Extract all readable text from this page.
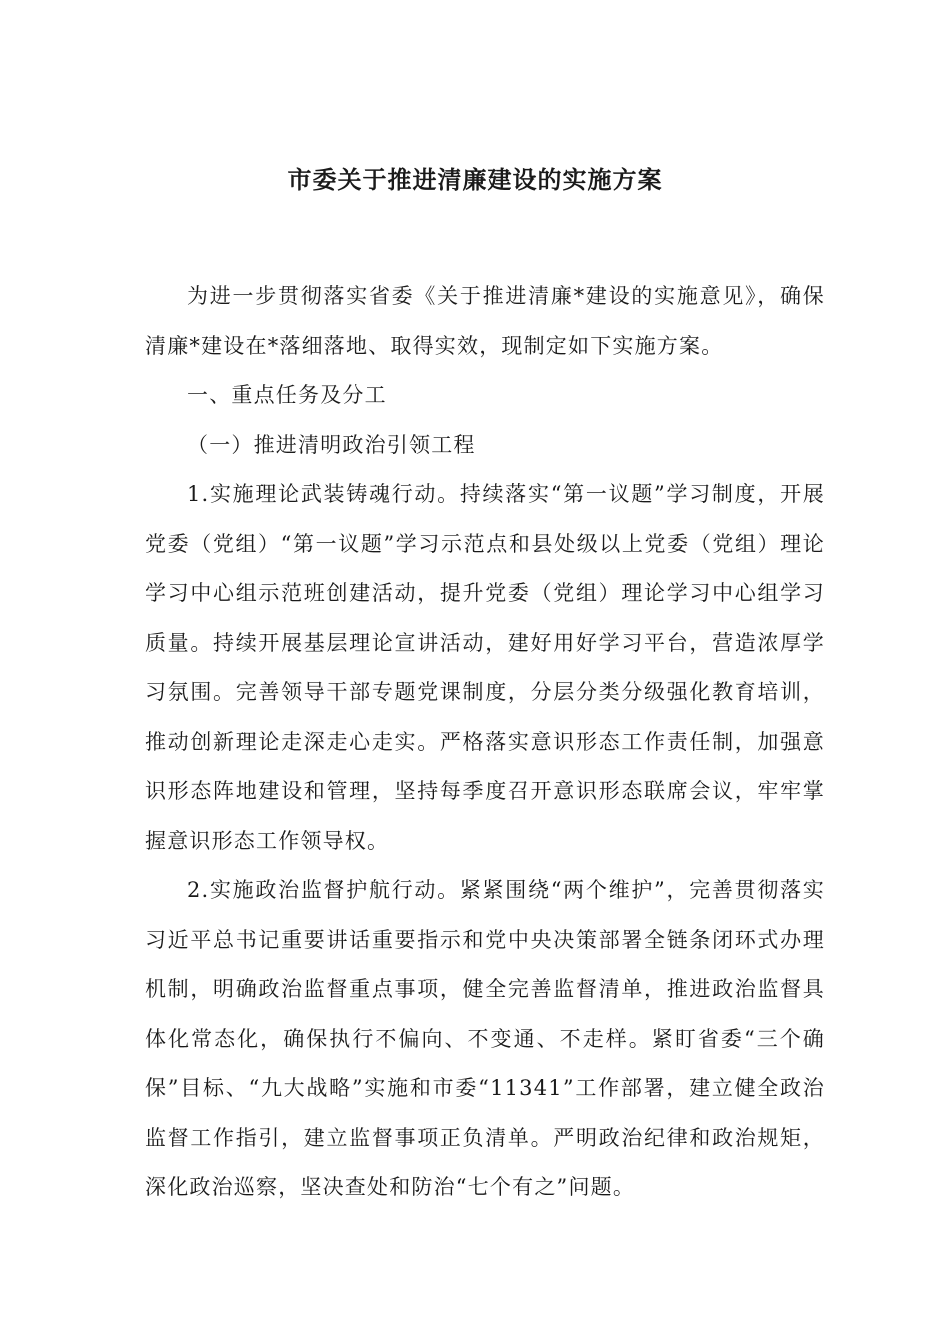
市委关于推进清廉建设的实施方案

为进一步贯彻落实省委《关于推进清廉*建设的实施意见》，确保清廉*建设在*落细落地、取得实效，现制定如下实施方案。

一、重点任务及分工

（一）推进清明政治引领工程

1.实施理论武装铸魂行动。持续落实“第一议题”学习制度，开展党委（党组）“第一议题”学习示范点和县处级以上党委（党组）理论学习中心组示范班创建活动，提升党委（党组）理论学习中心组学习质量。持续开展基层理论宣讲活动，建好用好学习平台，营造浓厚学习氛围。完善领导干部专题党课制度，分层分类分级强化教育培训，推动创新理论走深走心走实。严格落实意识形态工作责任制，加强意识形态阵地建设和管理，坚持每季度召开意识形态联席会议，牢牢掌握意识形态工作领导权。

2.实施政治监督护航行动。紧紧围绕“两个维护”，完善贯彻落实习近平总书记重要讲话重要指示和党中央决策部署全链条闭环式办理机制，明确政治监督重点事项，健全完善监督清单，推进政治监督具体化常态化，确保执行不偏向、不变通、不走样。紧盯省委“三个确保”目标、“九大战略”实施和市委“11341”工作部署，建立健全政治监督工作指引，建立监督事项正负清单。严明政治纪律和政治规矩，深化政治巡察，坚决查处和防治“七个有之”问题。
